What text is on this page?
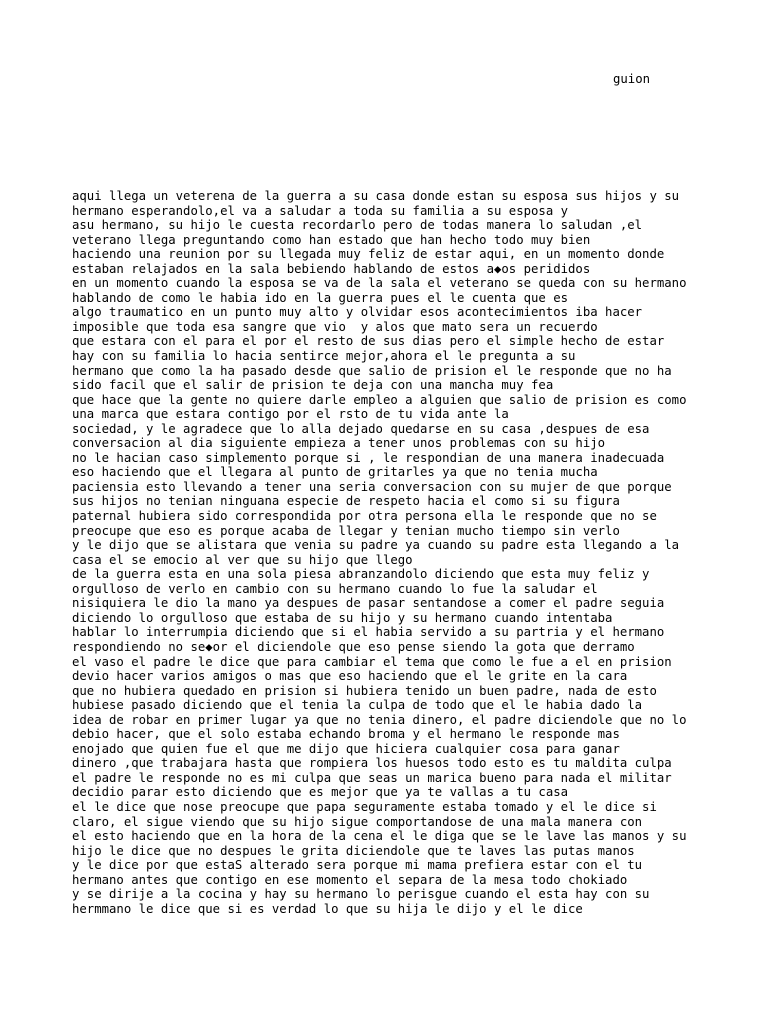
guion
aqui llega un veterena de la guerra a su casa donde estan su esposa sus hijos y su
hermano esperandolo,el va a saludar a toda su familia a su esposa y
asu hermano, su hijo le cuesta recordarlo pero de todas manera lo saludan ,el
veterano llega preguntando como han estado que han hecho todo muy bien
haciendo una reunion por su llegada muy feliz de estar aqui, en un momento donde
estaban relajados en la sala bebiendo hablando de estos a◆os perididos
en un momento cuando la esposa se va de la sala el veterano se queda con su hermano
hablando de como le habia ido en la guerra pues el le cuenta que es
algo traumatico en un punto muy alto y olvidar esos acontecimientos iba hacer
imposible que toda esa sangre que vio  y alos que mato sera un recuerdo
que estara con el para el por el resto de sus dias pero el simple hecho de estar
hay con su familia lo hacia sentirce mejor,ahora el le pregunta a su
hermano que como la ha pasado desde que salio de prision el le responde que no ha
sido facil que el salir de prision te deja con una mancha muy fea
que hace que la gente no quiere darle empleo a alguien que salio de prision es como
una marca que estara contigo por el rsto de tu vida ante la
sociedad, y le agradece que lo alla dejado quedarse en su casa ,despues de esa
conversacion al dia siguiente empieza a tener unos problemas con su hijo
no le hacian caso simplemento porque si , le respondian de una manera inadecuada
eso haciendo que el llegara al punto de gritarles ya que no tenia mucha
paciensia esto llevando a tener una seria conversacion con su mujer de que porque
sus hijos no tenian ninguana especie de respeto hacia el como si su figura
paternal hubiera sido correspondida por otra persona ella le responde que no se
preocupe que eso es porque acaba de llegar y tenian mucho tiempo sin verlo
y le dijo que se alistara que venia su padre ya cuando su padre esta llegando a la
casa el se emocio al ver que su hijo que llego
de la guerra esta en una sola piesa abranzandolo diciendo que esta muy feliz y
orgulloso de verlo en cambio con su hermano cuando lo fue la saludar el
nisiquiera le dio la mano ya despues de pasar sentandose a comer el padre seguia
diciendo lo orgulloso que estaba de su hijo y su hermano cuando intentaba
hablar lo interrumpia diciendo que si el habia servido a su partria y el hermano
respondiendo no se◆or el diciendole que eso pense siendo la gota que derramo
el vaso el padre le dice que para cambiar el tema que como le fue a el en prision
devio hacer varios amigos o mas que eso haciendo que el le grite en la cara
que no hubiera quedado en prision si hubiera tenido un buen padre, nada de esto
hubiese pasado diciendo que el tenia la culpa de todo que el le habia dado la
idea de robar en primer lugar ya que no tenia dinero, el padre diciendole que no lo
debio hacer, que el solo estaba echando broma y el hermano le responde mas
enojado que quien fue el que me dijo que hiciera cualquier cosa para ganar
dinero ,que trabajara hasta que rompiera los huesos todo esto es tu maldita culpa
el padre le responde no es mi culpa que seas un marica bueno para nada el militar
decidio parar esto diciendo que es mejor que ya te vallas a tu casa
el le dice que nose preocupe que papa seguramente estaba tomado y el le dice si
claro, el sigue viendo que su hijo sigue comportandose de una mala manera con
el esto haciendo que en la hora de la cena el le diga que se le lave las manos y su
hijo le dice que no despues le grita diciendole que te laves las putas manos
y le dice por que estaS alterado sera porque mi mama prefiera estar con el tu
hermano antes que contigo en ese momento el separa de la mesa todo chokiado
y se dirije a la cocina y hay su hermano lo perisgue cuando el esta hay con su
hermmano le dice que si es verdad lo que su hija le dijo y el le dice
